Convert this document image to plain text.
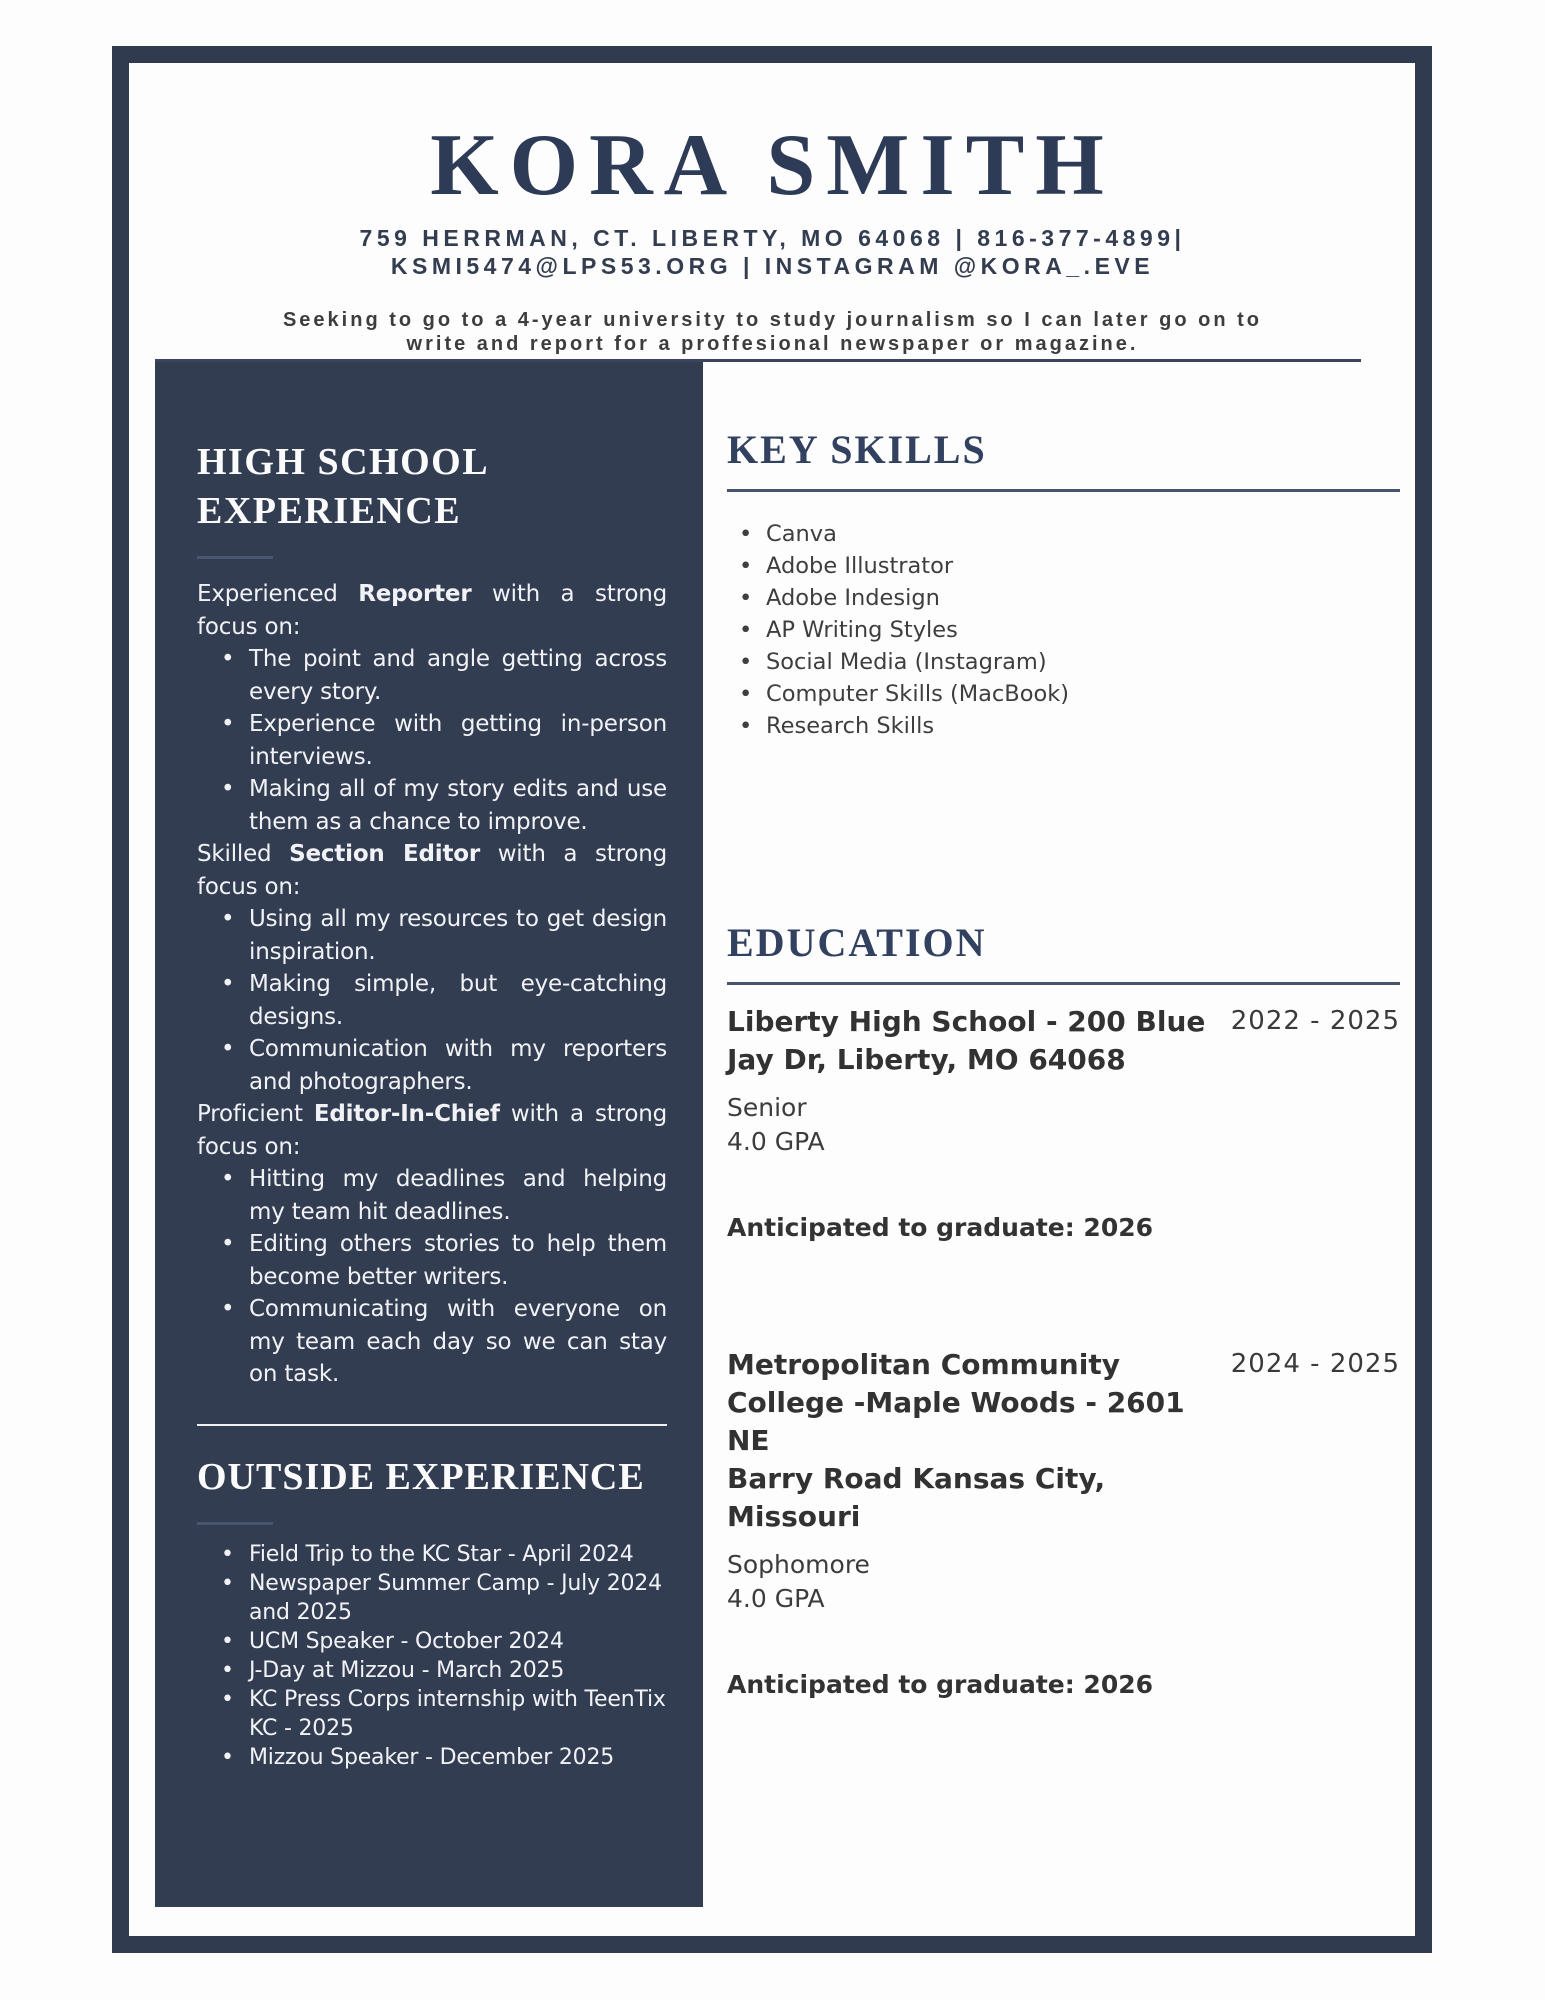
KORA SMITH
759 HERRMAN, CT. LIBERTY, MO 64068 | 816-377-4899|
KSMI5474@LPS53.ORG | INSTAGRAM @KORA_.EVE
Seeking to go to a 4-year university to study journalism so I can later go on to
write and report for a proffesional newspaper or magazine.
HIGH SCHOOL EXPERIENCE

Experienced Reporter with a strong focus on:

• The point and angle getting across every story.
• Experience with getting in-person interviews.
• Making all of my story edits and use them as a chance to improve.

Skilled Section Editor with a strong focus on:

• Using all my resources to get design inspiration.
• Making simple, but eye-catching designs.
• Communication with my reporters and photographers.

Proficient Editor-In-Chief with a strong focus on:

• Hitting my deadlines and helping my team hit deadlines.
• Editing others stories to help them become better writers.
• Communicating with everyone on my team each day so we can stay on task.
OUTSIDE EXPERIENCE
• Field Trip to the KC Star - April 2024
• Newspaper Summer Camp - July 2024 and 2025
• UCM Speaker - October 2024
• J-Day at Mizzou - March 2025
• KC Press Corps internship with TeenTix KC - 2025
• Mizzou Speaker - December 2025
KEY SKILLS
• Canva
• Adobe Illustrator
• Adobe Indesign
• AP Writing Styles
• Social Media (Instagram)
• Computer Skills (MacBook)
• Research Skills
EDUCATION
Liberty High School - 200 Blue
Jay Dr, Liberty, MO 64068
2022 - 2025
Senior
4.0 GPA
Anticipated to graduate: 2026
Metropolitan Community
College -Maple Woods - 2601 NE
Barry Road Kansas City, Missouri
2024 - 2025
Sophomore
4.0 GPA
Anticipated to graduate: 2026
